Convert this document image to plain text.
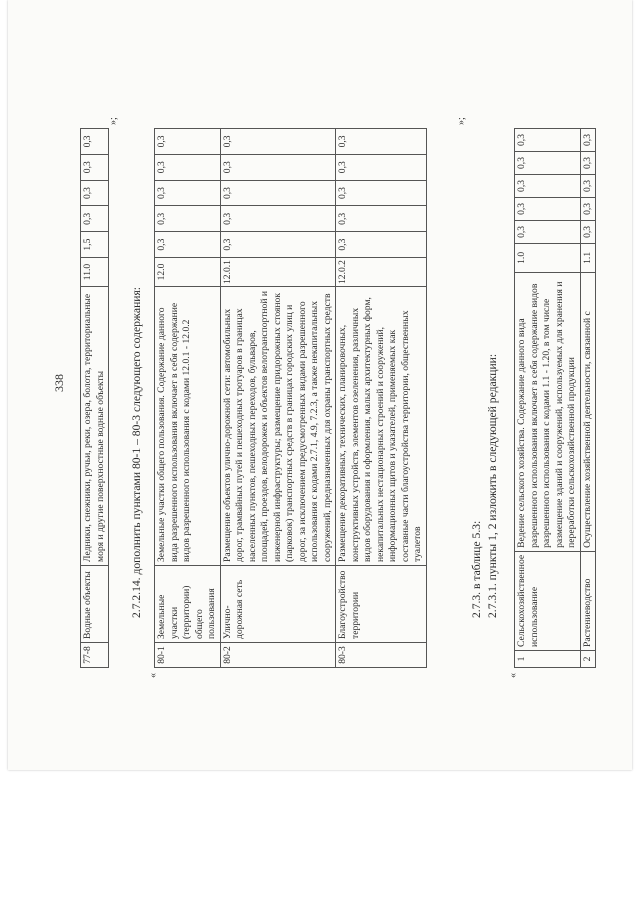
338
77-8	Водные объекты	Ледники, снежники, ручьи, реки, озера, болота, территориальные моря и другие поверхностные водные объекты	11.0	1,5	0,3	0,3	0,3	0,3
»;
2.7.2.14. дополнить пунктами 80-1 – 80-3 следующего содержания:
«
80-1	Земельные участки (территории) общего пользования	Земельные участки общего пользования. Содержание данного вида разрешенного использования включает в себя содержание видов разрешенного использования с кодами 12.0.1 - 12.0.2	12.0	0,3	0,3	0,3	0,3	0,3
80-2	Улично-дорожная сеть	Размещение объектов улично-дорожной сети: автомобильных дорог, трамвайных путей и пешеходных тротуаров в границах населенных пунктов, пешеходных переходов, бульваров, площадей, проездов, велодорожек и объектов велотранспортной и инженерной инфраструктуры; размещение придорожных стоянок (парковок) транспортных средств в границах городских улиц и дорог, за исключением предусмотренных видами разрешенного использования с кодами 2.7.1, 4.9, 7.2.3, а также некапитальных сооружений, предназначенных для охраны транспортных средств	12.0.1	0,3	0,3	0,3	0,3	0,3
80-3	Благоустройство территории	Размещение декоративных, технических, планировочных, конструктивных устройств, элементов озеленения, различных видов оборудования и оформления, малых архитектурных форм, некапитальных нестационарных строений и сооружений, информационных щитов и указателей, применяемых как составные части благоустройства территории, общественных туалетов	12.0.2	0,3	0,3	0,3	0,3	0,3
»;
2.7.3. в таблице 5.3: 2.7.3.1. пункты 1, 2 изложить в следующей редакции:
«
1	Сельскохозяйственное использование	Ведение сельского хозяйства. Содержание данного вида разрешенного использования включает в себя содержание видов разрешенного использования с кодами 1.1 - 1.20, в том числе размещение зданий и сооружений, используемых для хранения и переработки сельскохозяйственной продукции	1.0	0,3	0,3	0,3	0,3	0,3
2	Растениеводство	Осуществление хозяйственной деятельности, связанной с	1.1	0,3	0,3	0,3	0,3	0,3
